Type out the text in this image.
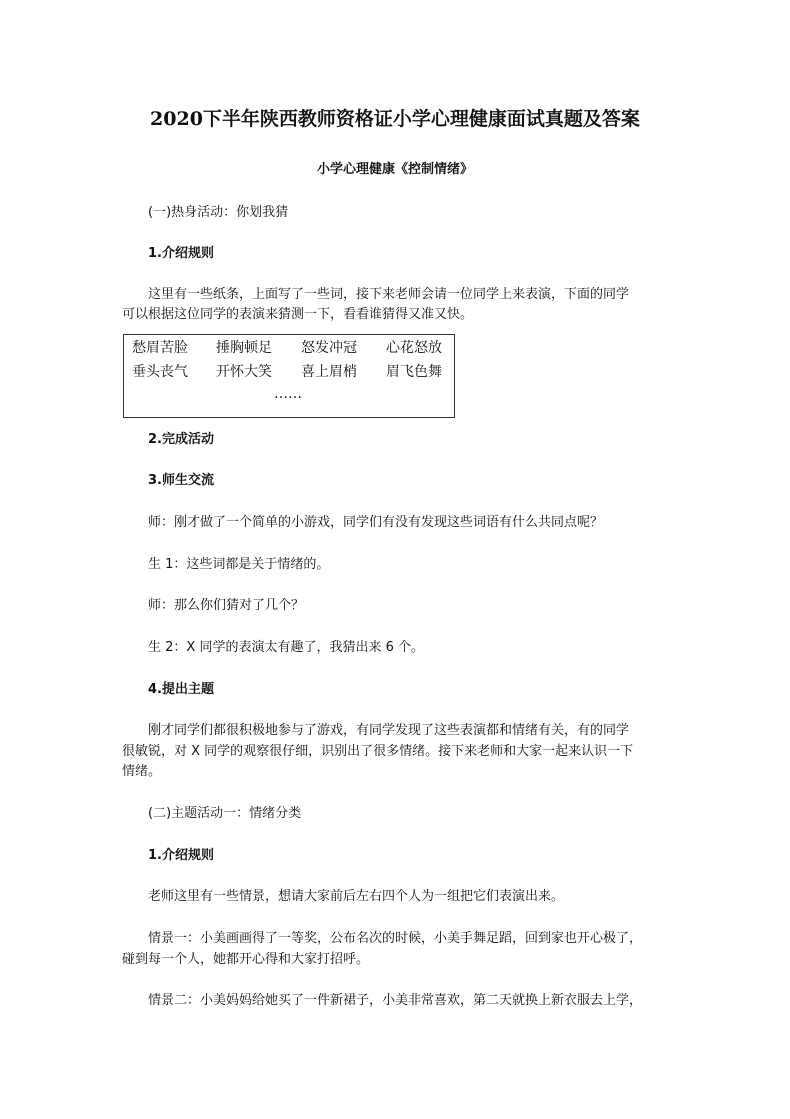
2020下半年陕西教师资格证小学心理健康面试真题及答案
小学心理健康《控制情绪》
(一)热身活动：你划我猜
1.介绍规则
这里有一些纸条，上面写了一些词，接下来老师会请一位同学上来表演，下面的同学
可以根据这位同学的表演来猜测一下，看看谁猜得又准又快。
愁眉苦脸 捶胸顿足 怒发冲冠 心花怒放
垂头丧气 开怀大笑 喜上眉梢 眉飞色舞
……
2.完成活动
3.师生交流
师：刚才做了一个简单的小游戏，同学们有没有发现这些词语有什么共同点呢？
生 1：这些词都是关于情绪的。
师：那么你们猜对了几个？
生 2：X 同学的表演太有趣了，我猜出来 6 个。
4.提出主题
刚才同学们都很积极地参与了游戏，有同学发现了这些表演都和情绪有关，有的同学
很敏锐，对 X 同学的观察很仔细，识别出了很多情绪。接下来老师和大家一起来认识一下
情绪。
(二)主题活动一：情绪分类
1.介绍规则
老师这里有一些情景，想请大家前后左右四个人为一组把它们表演出来。
情景一：小美画画得了一等奖，公布名次的时候，小美手舞足蹈，回到家也开心极了，
碰到每一个人，她都开心得和大家打招呼。
情景二：小美妈妈给她买了一件新裙子，小美非常喜欢，第二天就换上新衣服去上学，
